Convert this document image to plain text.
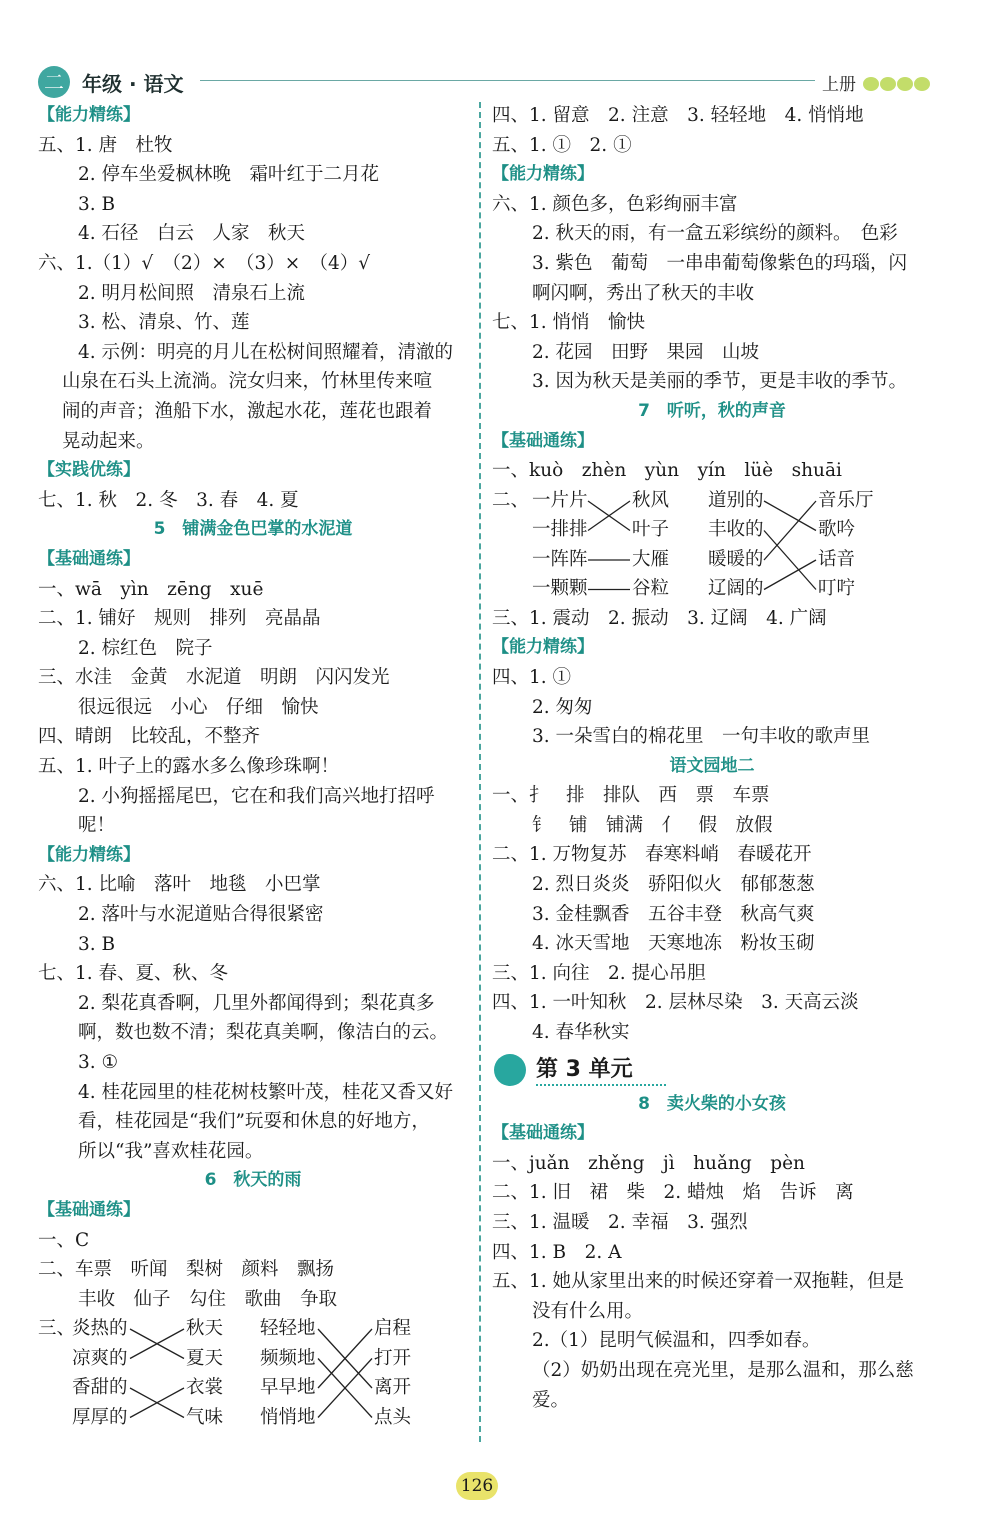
二 年级 · 语文	上册
【能力精练】
五、1. 唐　杜牧
2. 停车坐爱枫林晚　霜叶红于二月花
3. B
4. 石径　白云　人家　秋天
六、1.（1）√　（2）×　（3）×　（4）√
2. 明月松间照　清泉石上流
3. 松、清泉、竹、莲
4. 示例：明亮的月儿在松树间照耀着，清澈的
山泉在石头上流淌。浣女归来，竹林里传来喧
闹的声音；渔船下水，激起水花，莲花也跟着
晃动起来。
【实践优练】
七、1. 秋　2. 冬　3. 春　4. 夏
5　铺满金色巴掌的水泥道
【基础通练】
一、wā　yìn　zēng　xuē
二、1. 铺好　规则　排列　亮晶晶
2. 棕红色　院子
三、水洼　金黄　水泥道　明朗　闪闪发光
很远很远　小心　仔细　愉快
四、晴朗　比较乱，不整齐
五、1. 叶子上的露水多么像珍珠啊！
2. 小狗摇摇尾巴，它在和我们高兴地打招呼
呢！
【能力精练】
六、1. 比喻　落叶　地毯　小巴掌
2. 落叶与水泥道贴合得很紧密
3. B
七、1. 春、夏、秋、冬
2. 梨花真香啊，几里外都闻得到；梨花真多
啊，数也数不清；梨花真美啊，像洁白的云。
3. ①
4. 桂花园里的桂花树枝繁叶茂，桂花又香又好
看，桂花园是“我们”玩耍和休息的好地方，
所以“我”喜欢桂花园。
6　秋天的雨
【基础通练】
一、C
二、车票　听闻　梨树　颜料　飘扬
丰收　仙子　勾住　歌曲　争取
三、
炎热的
凉爽的
香甜的
厚厚的
秋天
夏天
衣裳
气味
轻轻地
频频地
早早地
悄悄地
启程
打开
离开
点头
四、1. 留意　2. 注意　3. 轻轻地　4. 悄悄地
五、1. ①　2. ①
【能力精练】
六、1. 颜色多，色彩绚丽丰富
2. 秋天的雨，有一盒五彩缤纷的颜料。　色彩
3. 紫色　葡萄　一串串葡萄像紫色的玛瑙，闪
啊闪啊，秀出了秋天的丰收
七、1. 悄悄　愉快
2. 花园　田野　果园　山坡
3. 因为秋天是美丽的季节，更是丰收的季节。
7　听听，秋的声音
【基础通练】
一、kuò　zhèn　yùn　yín　lüè　shuāi
二、 一片片
一排排
一阵阵
一颗颗
秋风
叶子
大雁
谷粒
道别的
丰收的
暖暖的
辽阔的
音乐厅
歌吟
话音
叮咛
三、1. 震动　2. 振动　3. 辽阔　4. 广阔
【能力精练】
四、1. ①
2. 匆匆
3. 一朵雪白的棉花里　一句丰收的歌声里
语文园地二
一、扌　排　排队　西　票　车票
钅　铺　铺满　亻　假　放假
二、1. 万物复苏　春寒料峭　春暖花开
2. 烈日炎炎　骄阳似火　郁郁葱葱
3. 金桂飘香　五谷丰登　秋高气爽
4. 冰天雪地　天寒地冻　粉妆玉砌
三、1. 向往　2. 提心吊胆
四、1. 一叶知秋　2. 层林尽染　3. 天高云淡
4. 春华秋实
第 3 单元
8　卖火柴的小女孩
【基础通练】
一、juǎn　zhěng　jì　huǎng　pèn
二、1. 旧　裙　柴　2. 蜡烛　焰　告诉　离
三、1. 温暖　2. 幸福　3. 强烈
四、1. B　2. A
五、1. 她从家里出来的时候还穿着一双拖鞋，但是
没有什么用。
2.（1）昆明气候温和，四季如春。
（2）奶奶出现在亮光里，是那么温和，那么慈
爱。
126
